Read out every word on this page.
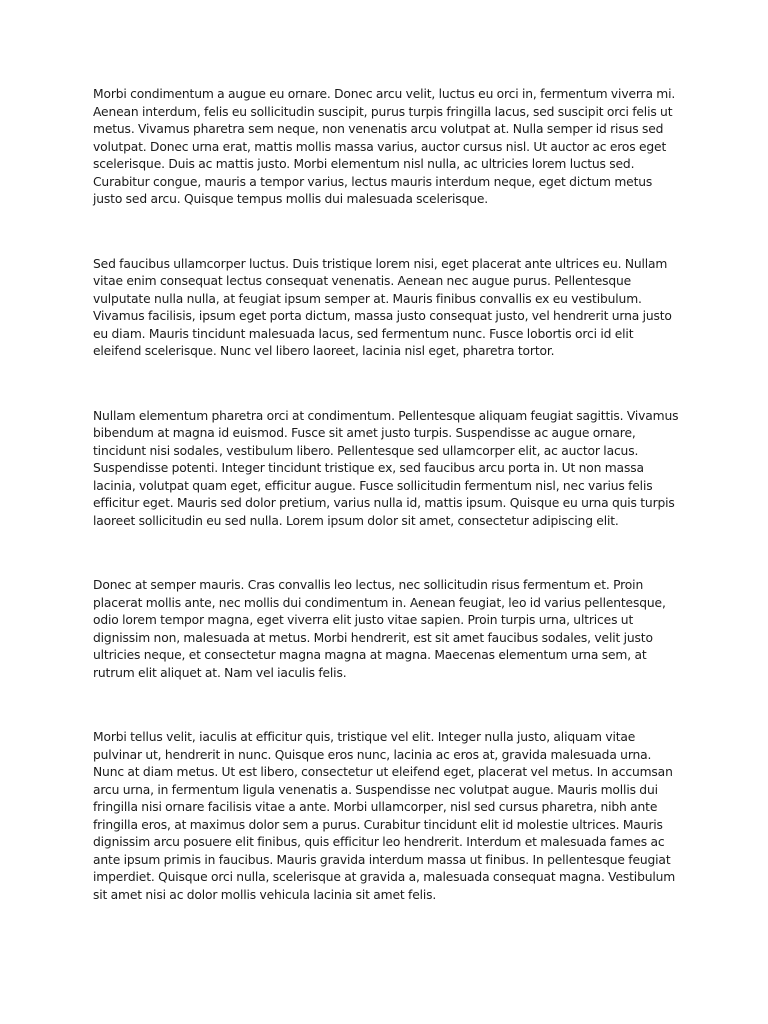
Morbi condimentum a augue eu ornare. Donec arcu velit, luctus eu orci in, fermentum viverra mi. Aenean interdum, felis eu sollicitudin suscipit, purus turpis fringilla lacus, sed suscipit orci felis ut metus. Vivamus pharetra sem neque, non venenatis arcu volutpat at. Nulla semper id risus sed volutpat. Donec urna erat, mattis mollis massa varius, auctor cursus nisl. Ut auctor ac eros eget scelerisque. Duis ac mattis justo. Morbi elementum nisl nulla, ac ultricies lorem luctus sed. Curabitur congue, mauris a tempor varius, lectus mauris interdum neque, eget dictum metus justo sed arcu. Quisque tempus mollis dui malesuada scelerisque.

Sed faucibus ullamcorper luctus. Duis tristique lorem nisi, eget placerat ante ultrices eu. Nullam vitae enim consequat lectus consequat venenatis. Aenean nec augue purus. Pellentesque vulputate nulla nulla, at feugiat ipsum semper at. Mauris finibus convallis ex eu vestibulum. Vivamus facilisis, ipsum eget porta dictum, massa justo consequat justo, vel hendrerit urna justo eu diam. Mauris tincidunt malesuada lacus, sed fermentum nunc. Fusce lobortis orci id elit eleifend scelerisque. Nunc vel libero laoreet, lacinia nisl eget, pharetra tortor.

Nullam elementum pharetra orci at condimentum. Pellentesque aliquam feugiat sagittis. Vivamus bibendum at magna id euismod. Fusce sit amet justo turpis. Suspendisse ac augue ornare, tincidunt nisi sodales, vestibulum libero. Pellentesque sed ullamcorper elit, ac auctor lacus. Suspendisse potenti. Integer tincidunt tristique ex, sed faucibus arcu porta in. Ut non massa lacinia, volutpat quam eget, efficitur augue. Fusce sollicitudin fermentum nisl, nec varius felis efficitur eget. Mauris sed dolor pretium, varius nulla id, mattis ipsum. Quisque eu urna quis turpis laoreet sollicitudin eu sed nulla. Lorem ipsum dolor sit amet, consectetur adipiscing elit.

Donec at semper mauris. Cras convallis leo lectus, nec sollicitudin risus fermentum et. Proin placerat mollis ante, nec mollis dui condimentum in. Aenean feugiat, leo id varius pellentesque, odio lorem tempor magna, eget viverra elit justo vitae sapien. Proin turpis urna, ultrices ut dignissim non, malesuada at metus. Morbi hendrerit, est sit amet faucibus sodales, velit justo ultricies neque, et consectetur magna magna at magna. Maecenas elementum urna sem, at rutrum elit aliquet at. Nam vel iaculis felis.

Morbi tellus velit, iaculis at efficitur quis, tristique vel elit. Integer nulla justo, aliquam vitae pulvinar ut, hendrerit in nunc. Quisque eros nunc, lacinia ac eros at, gravida malesuada urna. Nunc at diam metus. Ut est libero, consectetur ut eleifend eget, placerat vel metus. In accumsan arcu urna, in fermentum ligula venenatis a. Suspendisse nec volutpat augue. Mauris mollis dui fringilla nisi ornare facilisis vitae a ante. Morbi ullamcorper, nisl sed cursus pharetra, nibh ante fringilla eros, at maximus dolor sem a purus. Curabitur tincidunt elit id molestie ultrices. Mauris dignissim arcu posuere elit finibus, quis efficitur leo hendrerit. Interdum et malesuada fames ac ante ipsum primis in faucibus. Mauris gravida interdum massa ut finibus. In pellentesque feugiat imperdiet. Quisque orci nulla, scelerisque at gravida a, malesuada consequat magna. Vestibulum sit amet nisi ac dolor mollis vehicula lacinia sit amet felis.
